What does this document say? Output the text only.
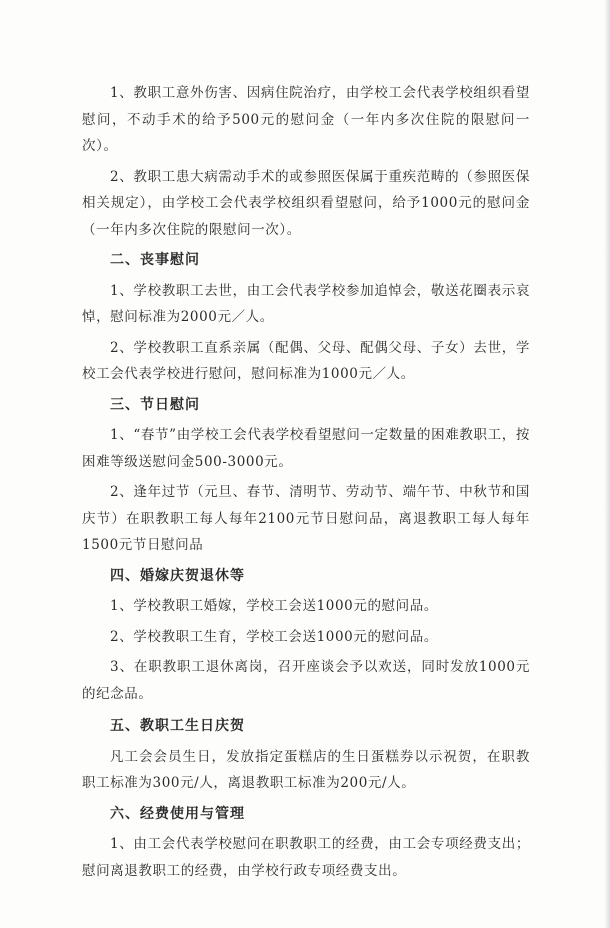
1、教职工意外伤害、因病住院治疗，由学校工会代表学校组织看望慰问，不动手术的给予500元的慰问金（一年内多次住院的限慰问一次）。

2、教职工患大病需动手术的或参照医保属于重疾范畴的（参照医保相关规定），由学校工会代表学校组织看望慰问，给予1000元的慰问金（一年内多次住院的限慰问一次）。

二、丧事慰问

1、学校教职工去世，由工会代表学校参加追悼会，敬送花圈表示哀悼，慰问标准为2000元／人。

2、学校教职工直系亲属（配偶、父母、配偶父母、子女）去世，学校工会代表学校进行慰问，慰问标准为1000元／人。

三、节日慰问

1、“春节”由学校工会代表学校看望慰问一定数量的困难教职工，按困难等级送慰问金500-3000元。

2、逢年过节（元旦、春节、清明节、劳动节、端午节、中秋节和国庆节）在职教职工每人每年2100元节日慰问品，离退教职工每人每年1500元节日慰问品

四、婚嫁庆贺退休等

1、学校教职工婚嫁，学校工会送1000元的慰问品。

2、学校教职工生育，学校工会送1000元的慰问品。

3、在职教职工退休离岗，召开座谈会予以欢送，同时发放1000元的纪念品。

五、教职工生日庆贺

凡工会会员生日，发放指定蛋糕店的生日蛋糕券以示祝贺，在职教职工标准为300元/人，离退教职工标准为200元/人。

六、经费使用与管理

1、由工会代表学校慰问在职教职工的经费，由工会专项经费支出；慰问离退教职工的经费，由学校行政专项经费支出。
